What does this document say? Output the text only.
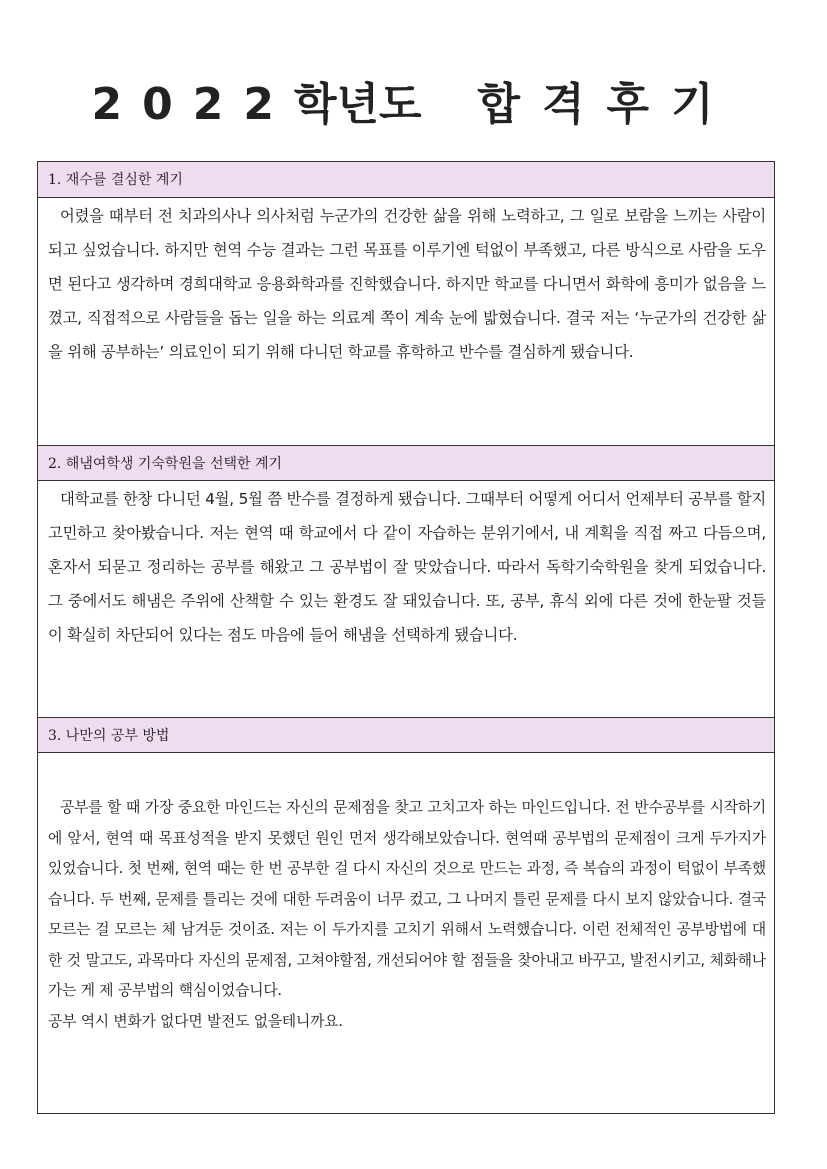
2022학년도 합격후기
1. 재수를 결심한 계기

어렸을 때부터 전 치과의사나 의사처럼 누군가의 건강한 삶을 위해 노력하고, 그 일로 보람을 느끼는 사람이 되고 싶었습니다. 하지만 현역 수능 결과는 그런 목표를 이루기엔 턱없이 부족했고, 다른 방식으로 사람을 도우면 된다고 생각하며 경희대학교 응용화학과를 진학했습니다. 하지만 학교를 다니면서 화학에 흥미가 없음을 느꼈고, 직접적으로 사람들을 돕는 일을 하는 의료계 쪽이 계속 눈에 밟혔습니다. 결국 저는 ‘누군가의 건강한 삶을 위해 공부하는’ 의료인이 되기 위해 다니던 학교를 휴학하고 반수를 결심하게 됐습니다.

2. 해냄여학생 기숙학원을 선택한 계기

대학교를 한창 다니던 4월, 5월 쯤 반수를 결정하게 됐습니다. 그때부터 어떻게 어디서 언제부터 공부를 할지 고민하고 찾아봤습니다. 저는 현역 때 학교에서 다 같이 자습하는 분위기에서, 내 계획을 직접 짜고 다듬으며, 혼자서 되묻고 정리하는 공부를 해왔고 그 공부법이 잘 맞았습니다. 따라서 독학기숙학원을 찾게 되었습니다. 그 중에서도 해냄은 주위에 산책할 수 있는 환경도 잘 돼있습니다. 또, 공부, 휴식 외에 다른 것에 한눈팔 것들이 확실히 차단되어 있다는 점도 마음에 들어 해냄을 선택하게 됐습니다.

3. 나만의 공부 방법

공부를 할 때 가장 중요한 마인드는 자신의 문제점을 찾고 고치고자 하는 마인드입니다. 전 반수공부를 시작하기에 앞서, 현역 때 목표성적을 받지 못했던 원인 먼저 생각해보았습니다. 현역때 공부법의 문제점이 크게 두가지가 있었습니다. 첫 번째, 현역 때는 한 번 공부한 걸 다시 자신의 것으로 만드는 과정, 즉 복습의 과정이 턱없이 부족했습니다. 두 번째, 문제를 틀리는 것에 대한 두려움이 너무 컸고, 그 나머지 틀린 문제를 다시 보지 않았습니다. 결국 모르는 걸 모르는 체 남겨둔 것이죠. 저는 이 두가지를 고치기 위해서 노력했습니다. 이런 전체적인 공부방법에 대한 것 말고도, 과목마다 자신의 문제점, 고쳐야할점, 개선되어야 할 점들을 찾아내고 바꾸고, 발전시키고, 체화해나가는 게 제 공부법의 핵심이었습니다.

공부 역시 변화가 없다면 발전도 없을테니까요.
